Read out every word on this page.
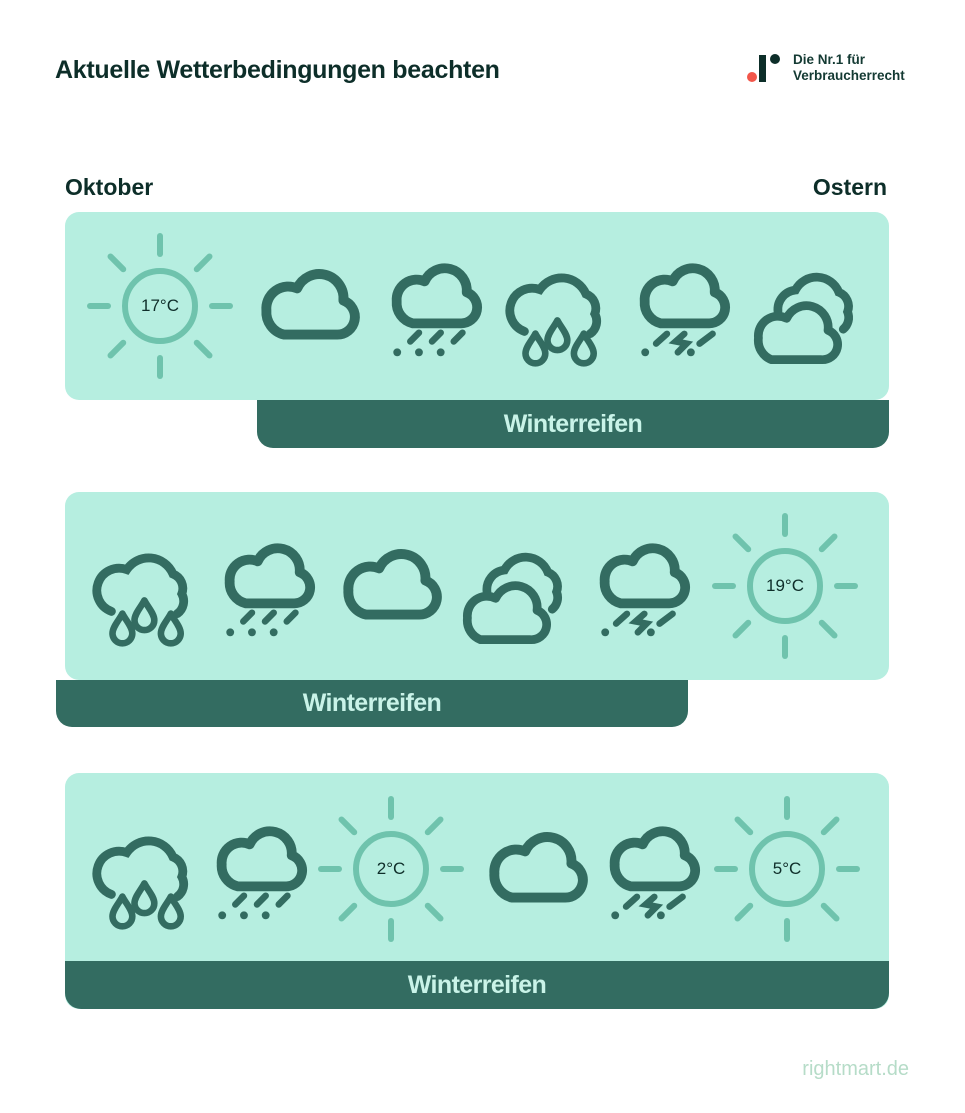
Aktuelle Wetterbedingungen beachten	Die Nr.1 für
Verbraucherrecht
Oktober	Ostern
Winterreifen
Winterreifen
Winterreifen
17°C
19°C
2°C	5°C
rightmart.de
